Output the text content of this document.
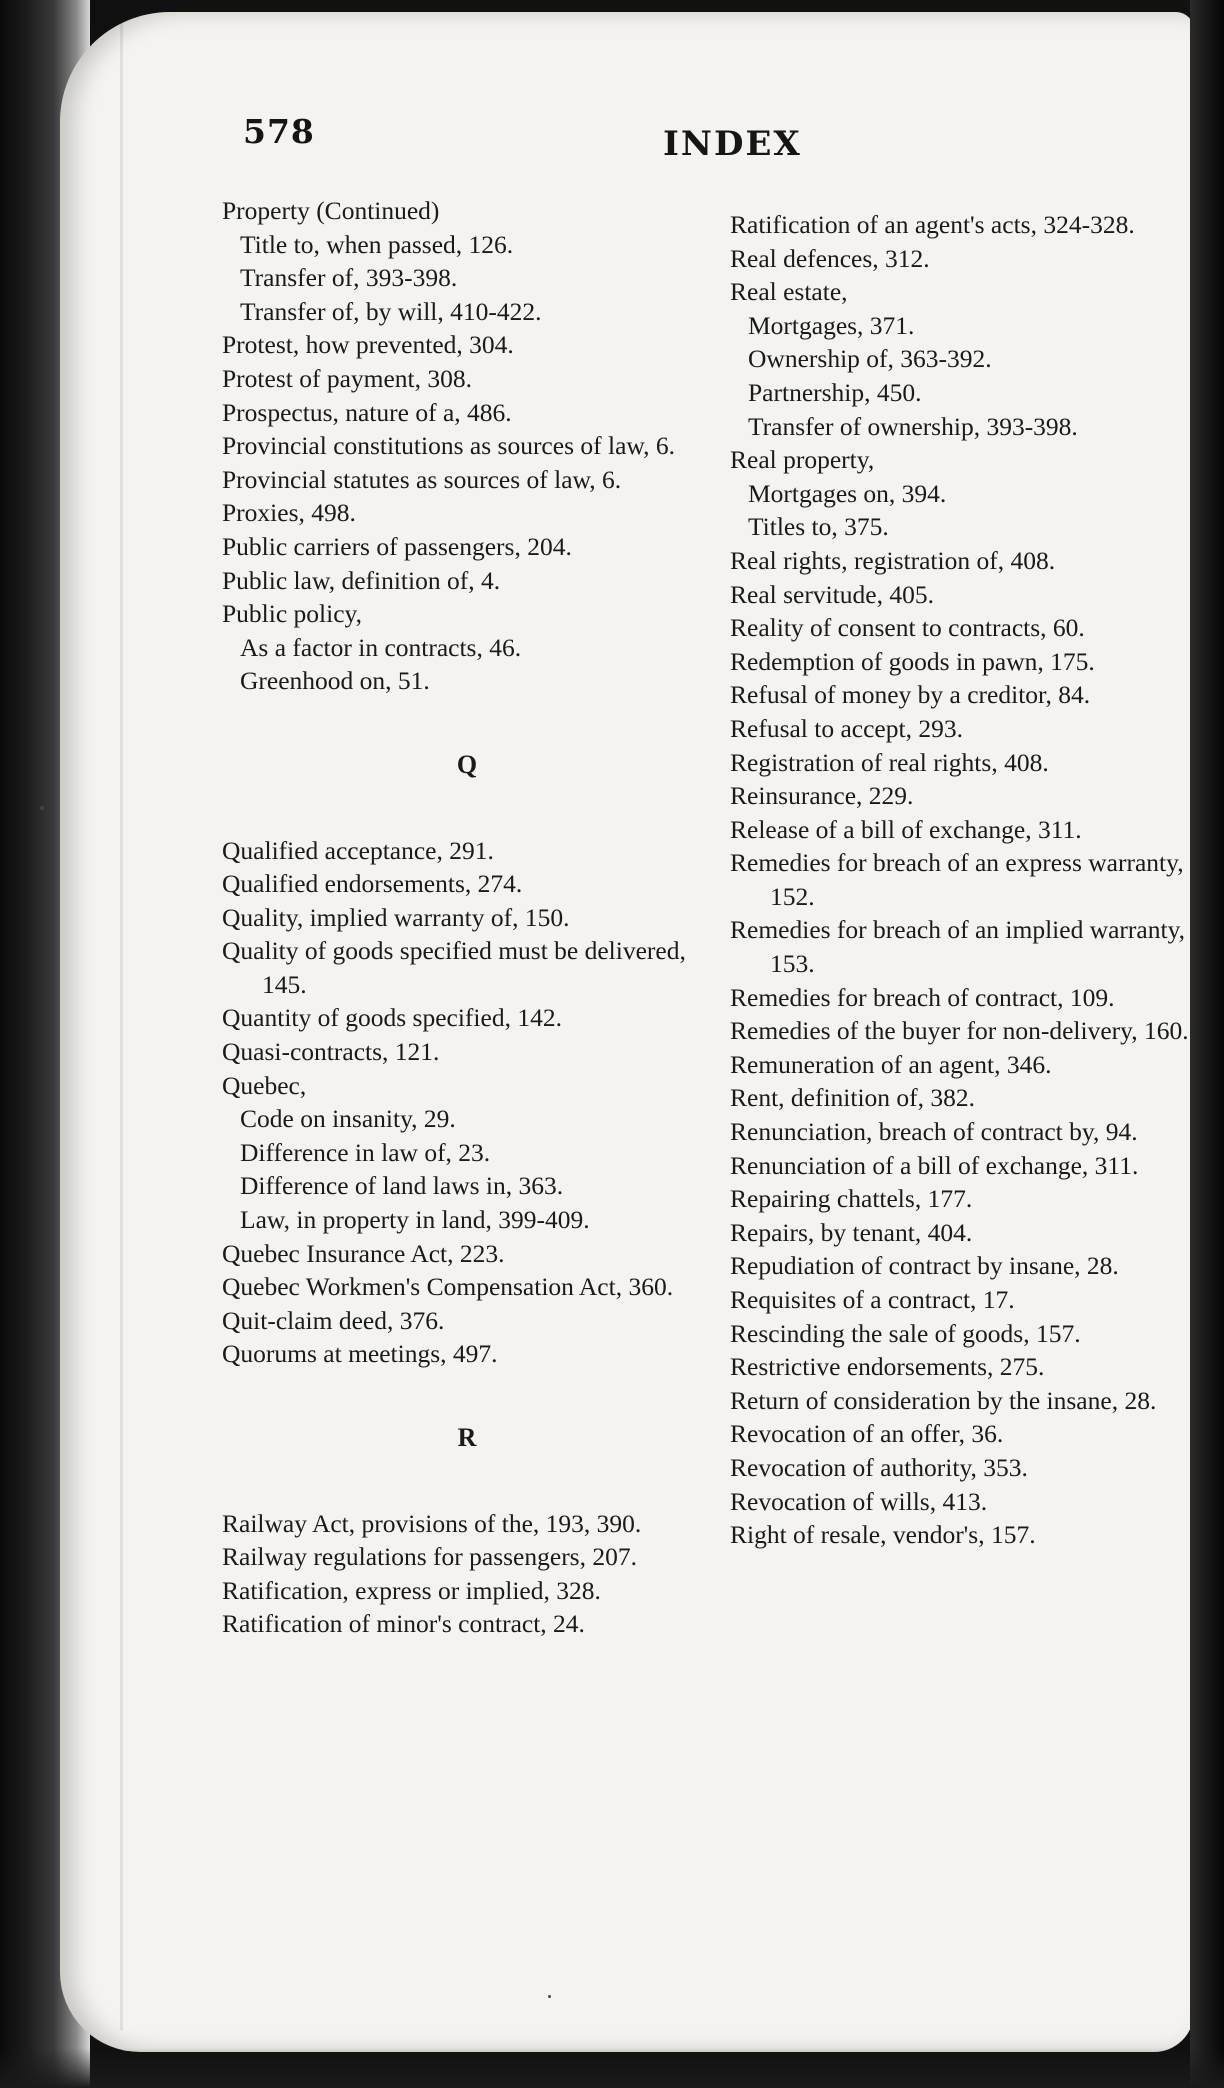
578	INDEX
Property (Continued)
Title to, when passed, 126.
Transfer of, 393-398.
Transfer of, by will, 410-422.
Protest, how prevented, 304.
Protest of payment, 308.
Prospectus, nature of a, 486.
Provincial constitutions as sources of law, 6.
Provincial statutes as sources of law, 6.
Proxies, 498.
Public carriers of passengers, 204.
Public law, definition of, 4.
Public policy,
As a factor in contracts, 46.
Greenhood on, 51.
Q
Qualified acceptance, 291.
Qualified endorsements, 274.
Quality, implied warranty of, 150.
Quality of goods specified must be delivered, 145.
Quantity of goods specified, 142.
Quasi-contracts, 121.
Quebec,
Code on insanity, 29.
Difference in law of, 23.
Difference of land laws in, 363.
Law, in property in land, 399-409.
Quebec Insurance Act, 223.
Quebec Workmen's Compensation Act, 360.
Quit-claim deed, 376.
Quorums at meetings, 497.
R
Railway Act, provisions of the, 193, 390.
Railway regulations for passengers, 207.
Ratification, express or implied, 328.
Ratification of minor's contract, 24.
Ratification of an agent's acts, 324-328.
Real defences, 312.
Real estate,
Mortgages, 371.
Ownership of, 363-392.
Partnership, 450.
Transfer of ownership, 393-398.
Real property,
Mortgages on, 394.
Titles to, 375.
Real rights, registration of, 408.
Real servitude, 405.
Reality of consent to contracts, 60.
Redemption of goods in pawn, 175.
Refusal of money by a creditor, 84.
Refusal to accept, 293.
Registration of real rights, 408.
Reinsurance, 229.
Release of a bill of exchange, 311.
Remedies for breach of an express warranty, 152.
Remedies for breach of an implied warranty, 153.
Remedies for breach of contract, 109.
Remedies of the buyer for non-delivery, 160.
Remuneration of an agent, 346.
Rent, definition of, 382.
Renunciation, breach of contract by, 94.
Renunciation of a bill of exchange, 311.
Repairing chattels, 177.
Repairs, by tenant, 404.
Repudiation of contract by insane, 28.
Requisites of a contract, 17.
Rescinding the sale of goods, 157.
Restrictive endorsements, 275.
Return of consideration by the insane, 28.
Revocation of an offer, 36.
Revocation of authority, 353.
Revocation of wills, 413.
Right of resale, vendor's, 157.
